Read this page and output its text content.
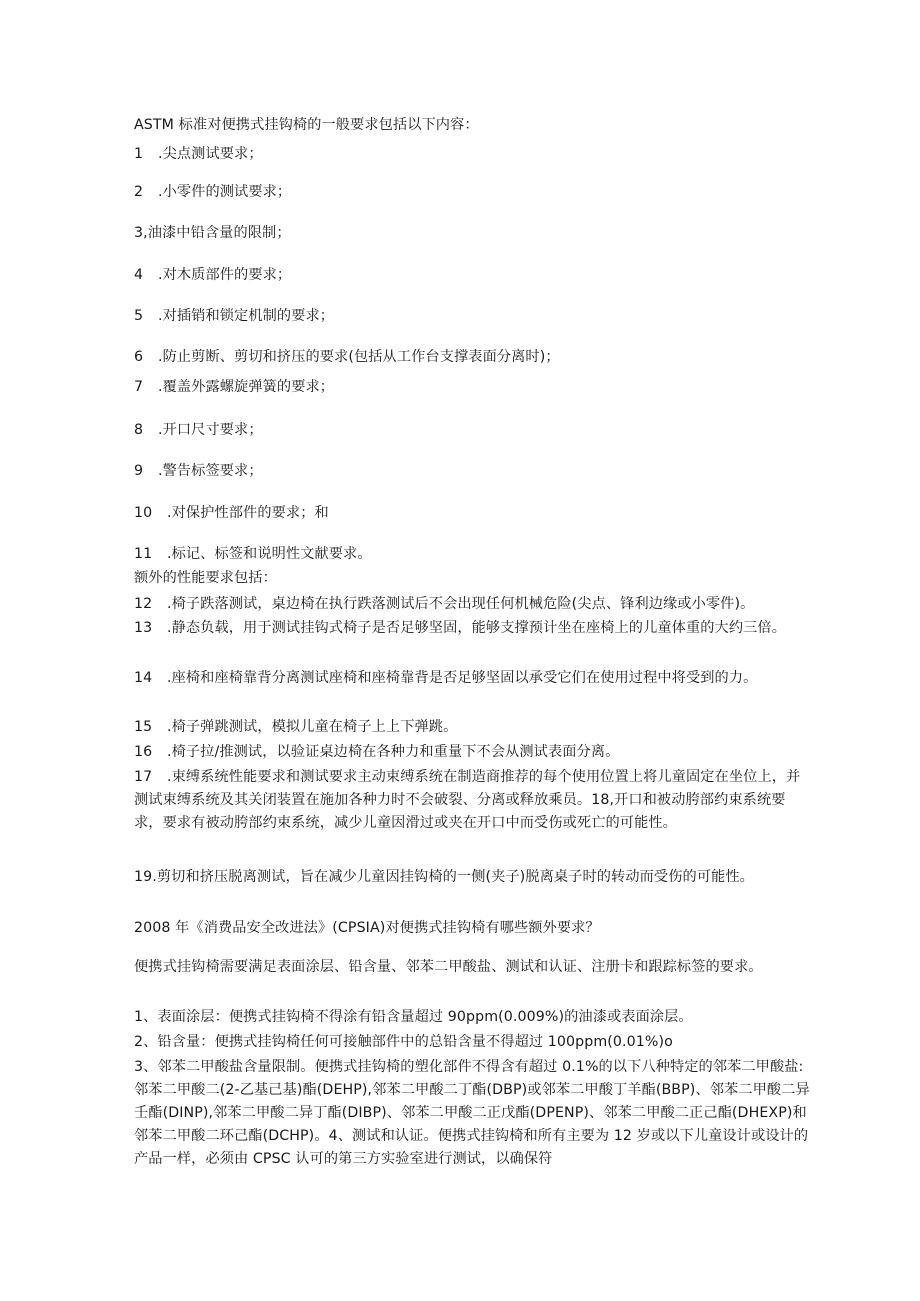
ASTM 标准对便携式挂钩椅的一般要求包括以下内容：
1 .尖点测试要求；
2 .小零件的测试要求；
3,油漆中铅含量的限制；
4 .对木质部件的要求；
5 .对插销和锁定机制的要求；
6 .防止剪断、剪切和挤压的要求(包括从工作台支撑表面分离时)；
7 .覆盖外露螺旋弹簧的要求；
8 .开口尺寸要求；
9 .警告标签要求；
10 .对保护性部件的要求；和
11 .标记、标签和说明性文献要求。
额外的性能要求包括：
12 .椅子跌落测试，桌边椅在执行跌落测试后不会出现任何机械危险(尖点、锋利边缘或小零件)。
13 .静态负载，用于测试挂钩式椅子是否足够坚固，能够支撑预计坐在座椅上的儿童体重的大约三倍。
14 .座椅和座椅靠背分离测试座椅和座椅靠背是否足够坚固以承受它们在使用过程中将受到的力。
15 .椅子弹跳测试，模拟儿童在椅子上上下弹跳。
16 .椅子拉/推测试，以验证桌边椅在各种力和重量下不会从测试表面分离。
17 .束缚系统性能要求和测试要求主动束缚系统在制造商推荐的每个使用位置上将儿童固定在坐位上，并测试束缚系统及其关闭装置在施加各种力时不会破裂、分离或释放乘员。18,开口和被动胯部约束系统要求，要求有被动胯部约束系统，减少儿童因滑过或夹在开口中而受伤或死亡的可能性。
19.剪切和挤压脱离测试，旨在减少儿童因挂钩椅的一侧(夹子)脱离桌子时的转动而受伤的可能性。
2008 年《消费品安全改进法》(CPSIA)对便携式挂钩椅有哪些额外要求？
便携式挂钩椅需要满足表面涂层、铅含量、邻苯二甲酸盐、测试和认证、注册卡和跟踪标签的要求。
1、表面涂层：便携式挂钩椅不得涂有铅含量超过 90ppm(0.009%)的油漆或表面涂层。
2、铅含量：便携式挂钩椅任何可接触部件中的总铅含量不得超过 100ppm(0.01%)o
3、邻苯二甲酸盐含量限制。便携式挂钩椅的塑化部件不得含有超过 0.1%的以下八种特定的邻苯二甲酸盐:邻苯二甲酸二(2-乙基己基)酯(DEHP),邻苯二甲酸二丁酯(DBP)或邻苯二甲酸丁羊酯(BBP)、邻苯二甲酸二异壬酯(DINP),邻苯二甲酸二异丁酯(DIBP)、邻苯二甲酸二正戊酯(DPENP)、邻苯二甲酸二正己酯(DHEXP)和邻苯二甲酸二环己酯(DCHP)。4、测试和认证。便携式挂钩椅和所有主要为 12 岁或以下儿童设计或设计的产品一样，必须由 CPSC 认可的第三方实验室进行测试，以确保符
